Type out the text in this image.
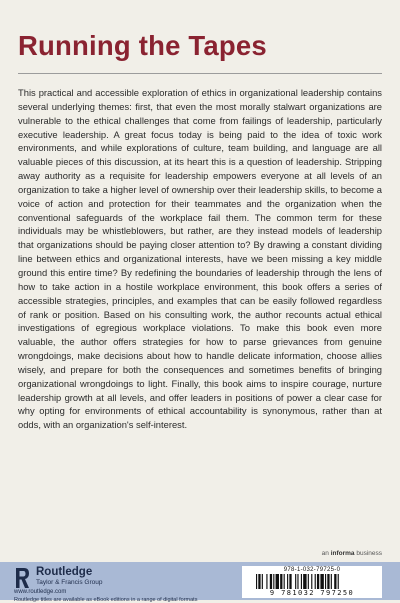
Running the Tapes

This practical and accessible exploration of ethics in organizational leadership contains several underlying themes: first, that even the most morally stalwart organizations are vulnerable to the ethical challenges that come from failings of leadership, particularly executive leadership. A great focus today is being paid to the idea of toxic work environments, and while explorations of culture, team building, and language are all valuable pieces of this discussion, at its heart this is a question of leadership. Stripping away authority as a requisite for leadership empowers everyone at all levels of an organization to take a higher level of ownership over their leadership skills, to become a voice of action and protection for their teammates and the organization when the conventional safeguards of the workplace fail them. The common term for these individuals may be whistleblowers, but rather, are they instead models of leadership that organizations should be paying closer attention to? By drawing a constant dividing line between ethics and organizational interests, have we been missing a key middle ground this entire time? By redefining the boundaries of leadership through the lens of how to take action in a hostile workplace environment, this book offers a series of accessible strategies, principles, and examples that can be easily followed regardless of rank or position. Based on his consulting work, the author recounts actual ethical investigations of egregious workplace violations. To make this book even more valuable, the author offers strategies for how to parse grievances from genuine wrongdoings, make decisions about how to handle delicate information, choose allies wisely, and prepare for both the consequences and sometimes benefits of bringing organizational wrongdoings to light. Finally, this book aims to inspire courage, nurture leadership growth at all levels, and offer leaders in positions of power a clear case for why opting for environments of ethical accountability is synonymous, rather than at odds, with an organization's self-interest.

an informa business
Routledge
Taylor & Francis Group
www.routledge.com
Routledge titles are available as eBook editions in a range of digital formats
978-1-032-79725-0
9 781032 797250
